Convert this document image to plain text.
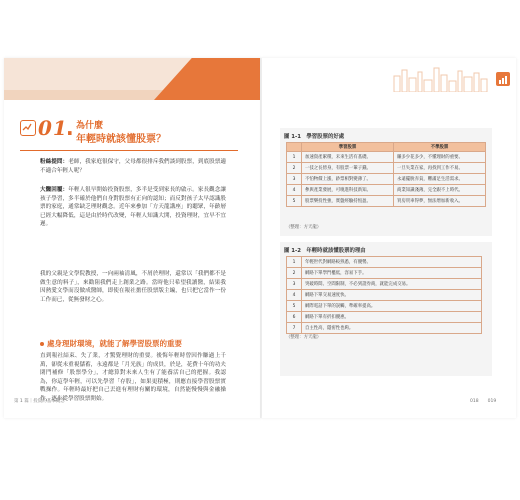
01
. 為什麼
年輕時就該懂股票？
粉絲提問：老師，我家庭很保守，父母都很排斥我們談到股票，到底股票適不適合年輕人呢？
大醫回覆：年輕人很早開始投資股票，多半是受到家長的啟示。家長觀念讓孩子學習，多半確於他們自身對股票有正向的認知；而反對孩子太早認識股票的家庭，通常缺乏理財觀念。近年來參加「方天龍講座」的聽眾，年齡層已經大幅降低，這是由於時代改變，年輕人知識大開，投資理財，宜早不宜遲。
我的父親是文學院教授，一向兩袖清風，不屑於理財，還常以「我們都不是做生意的料子」，來勸阻我們走上創業之路。當時他只希望我讀醫，結果我因熱愛文學而沒做成醫師，即使在報社擔任股票版主編，也只把它當作一份工作而已，從無發財之心。
處身理財環境，就能了解學習股票的重要
直到報社結束、失了業，才驚覺理財的重要。後悔年輕時曾因作賺過上千萬，卻從未重視儲蓄，永遠都是「月光族」的成員，於是，花費十年的功夫閉門補修「股票學分」，才總算對未來人生有了能養活自己的把握。我認為，你這學年輕，可以先學習「存股」，如果更積極，則應直接學習股票實戰操作。年輕時最好把自己丟進有理財有關的環境，自然能慢慢與金融操作，逐步從學習股票開始。
第 1 篇｜投資的基本概念
圖 1-1　學習股票的好處
	學習股票	不學股票
1	加速資產累積，未來生活有基礎。	賺多少花多少，不懂理財的重要。
2	一技之長傍身，有股票一輩子錢。	一旦失業在家，再找到工作不易。
3	不怕物價上漲，鈔票相對變薄了。	永遠擺脫赤貧，難滿足生活需求。
4	參與產業發展，可嗅進科技新知。	商業知識淺薄，完全跟不上時代。
5	股票樂投性強，實盤經驗持恆盈。	買房買車得夢，無法增加新收入。
（整理：方天龍）
圖 1-2　年輕時就該懂股票的理由
1	年輕世代對網路較熟悉，有優勢。
2	網路下單學門檻低，容易下手。
3	突破時間、空間限制，不必到證券商，就能完成交易。
4	網路下單交易速度快。
5	網際電話下單的誤觸，準確率提高。
6	網路下單有折扣優惠。
7	自主性高，隱密性也夠。
（整理：方天龍）
018　　019
